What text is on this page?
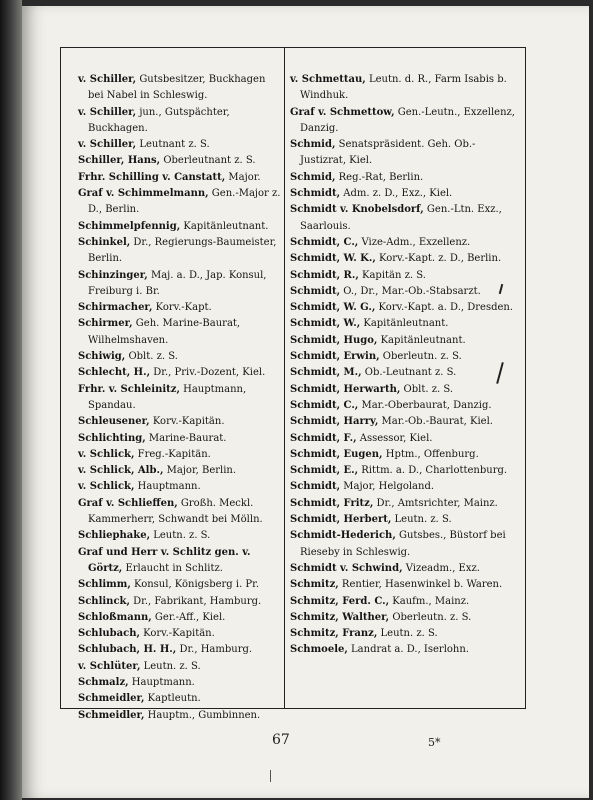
v. Schiller, Gutsbesitzer, Buckhagen bei Nabel in Schleswig.
v. Schiller, jun., Gutspächter, Buckhagen.
v. Schiller, Leutnant z. S.
Schiller, Hans, Oberleutnant z. S.
Frhr. Schilling v. Canstatt, Major.
Graf v. Schimmelmann, Gen.-Major z. D., Berlin.
Schimmelpfennig, Kapitänleutnant.
Schinkel, Dr., Regierungs-Baumeister, Berlin.
Schinzinger, Maj. a. D., Jap. Konsul, Freiburg i. Br.
Schirmacher, Korv.-Kapt.
Schirmer, Geh. Marine-Baurat, Wilhelmshaven.
Schiwig, Oblt. z. S.
Schlecht, H., Dr., Priv.-Dozent, Kiel.
Frhr. v. Schleinitz, Hauptmann, Spandau.
Schleusener, Korv.-Kapitän.
Schlichting, Marine-Baurat.
v. Schlick, Freg.-Kapitän.
v. Schlick, Alb., Major, Berlin.
v. Schlick, Hauptmann.
Graf v. Schlieffen, Großh. Meckl. Kammerherr, Schwandt bei Mölln.
Schliephake, Leutn. z. S.
Graf und Herr v. Schlitz gen. v. Görtz, Erlaucht in Schlitz.
Schlimm, Konsul, Königsberg i. Pr.
Schlinck, Dr., Fabrikant, Hamburg.
Schloßmann, Ger.-Aff., Kiel.
Schlubach, Korv.-Kapitän.
Schlubach, H. H., Dr., Hamburg.
v. Schlüter, Leutn. z. S.
Schmalz, Hauptmann.
Schmeidler, Kaptleutn.
Schmeidler, Hauptm., Gumbinnen.
v. Schmettau, Leutn. d. R., Farm Isabis b. Windhuk.
Graf v. Schmettow, Gen.-Leutn., Exzellenz, Danzig.
Schmid, Senatspräsident. Geh. Ob.-Justizrat, Kiel.
Schmid, Reg.-Rat, Berlin.
Schmidt, Adm. z. D., Exz., Kiel.
Schmidt v. Knobelsdorf, Gen.-Ltn. Exz., Saarlouis.
Schmidt, C., Vize-Adm., Exzellenz.
Schmidt, W. K., Korv.-Kapt. z. D., Berlin.
Schmidt, R., Kapitän z. S.
Schmidt, O., Dr., Mar.-Ob.-Stabsarzt.
Schmidt, W. G., Korv.-Kapt. a. D., Dresden.
Schmidt, W., Kapitänleutnant.
Schmidt, Hugo, Kapitänleutnant.
Schmidt, Erwin, Oberleutn. z. S.
Schmidt, M., Ob.-Leutnant z. S.
Schmidt, Herwarth, Oblt. z. S.
Schmidt, C., Mar.-Oberbaurat, Danzig.
Schmidt, Harry, Mar.-Ob.-Baurat, Kiel.
Schmidt, F., Assessor, Kiel.
Schmidt, Eugen, Hptm., Offenburg.
Schmidt, E., Rittm. a. D., Charlottenburg.
Schmidt, Major, Helgoland.
Schmidt, Fritz, Dr., Amtsrichter, Mainz.
Schmidt, Herbert, Leutn. z. S.
Schmidt-Hederich, Gutsbes., Büstorf bei Rieseby in Schleswig.
Schmidt v. Schwind, Vizeadm., Exz.
Schmitz, Rentier, Hasenwinkel b. Waren.
Schmitz, Ferd. C., Kaufm., Mainz.
Schmitz, Walther, Oberleutn. z. S.
Schmitz, Franz, Leutn. z. S.
Schmoele, Landrat a. D., Iserlohn.
67	5*
